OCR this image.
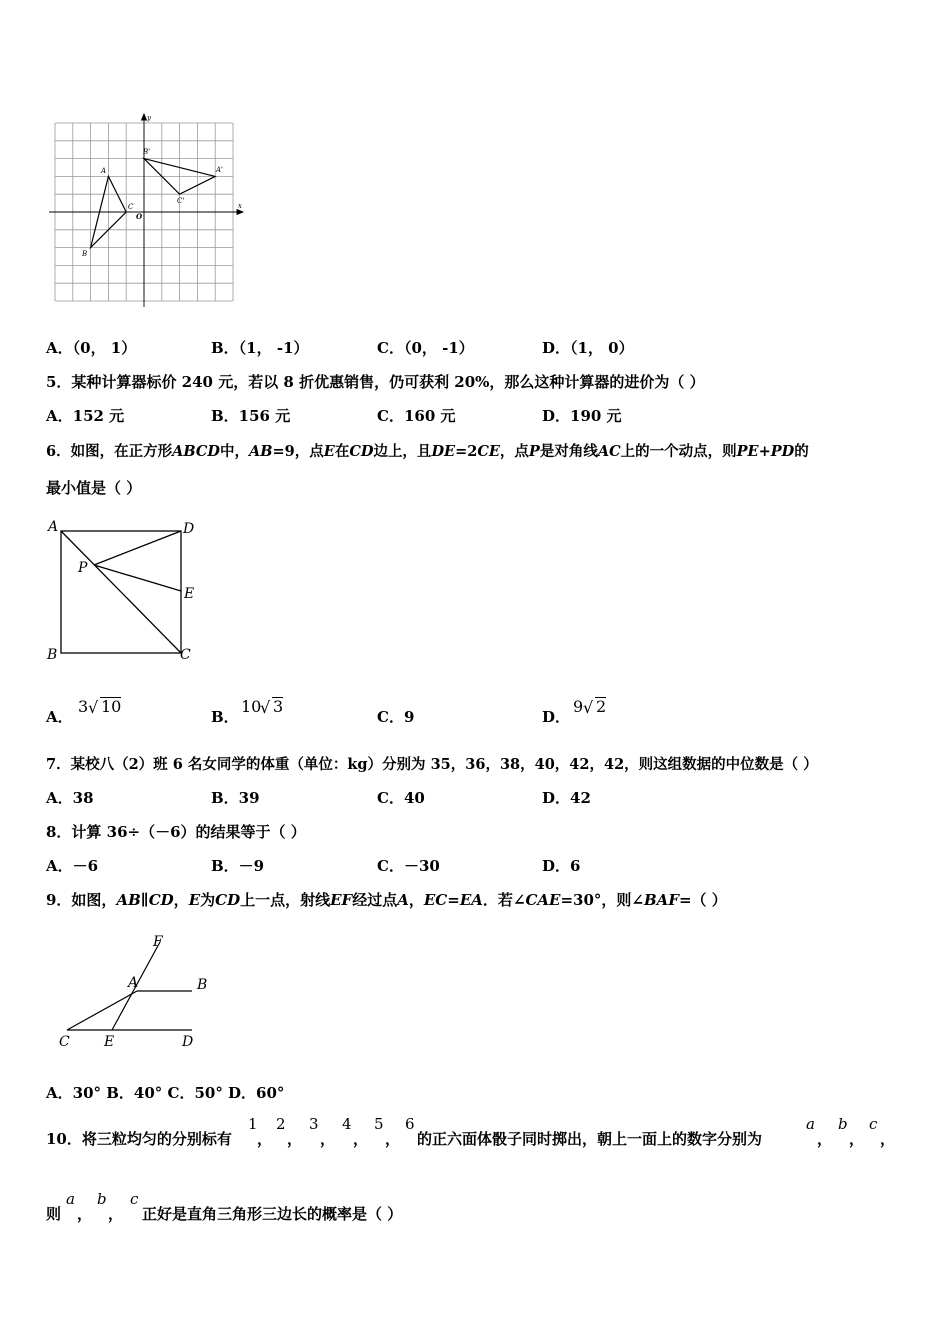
y
x
O
A
B
C
A'
B'
C'
A．（0， 1）	B．（1， -1）	C．（0， -1）	D．（1， 0）
5．某种计算器标价 240 元，若以 8 折优惠销售，仍可获利 20%，那么这种计算器的进价为（ ）
A．152 元	B．156 元	C．160 元	D．190 元
6．如图，在正方形ABCD中，AB=9，点E在CD边上，且DE=2CE，点P是对角线AC上的一个动点，则PE+PD的
最小值是（ ）
A	D
P
E
B	C
A．
3 √ 10
B．
10
√ 3
C．9	D．
9 √ 2
7．某校八（2）班 6 名女同学的体重（单位：kg）分别为 35，36，38，40，42，42，则这组数据的中位数是（ ）
A．38	B．39	C．40	D．42
8．计算 36÷（－6）的结果等于（ ）
A．－6	B．－9	C．－30	D．6
9．如图，AB∥CD，E为CD上一点，射线EF经过点A，EC=EA．若∠CAE=30°，则∠BAF=（ ）
F
A	B
C E	D
A．30° B．40° C．50° D．60°
10．将三粒均匀的分别标有
1
，
2
，
3
，
4
，
5
，
6
的正六面体骰子同时掷出，朝上一面上的数字分别为
a
，
b
，
c
，
则
a
，
b
，
c
正好是直角三角形三边长的概率是（ ）
